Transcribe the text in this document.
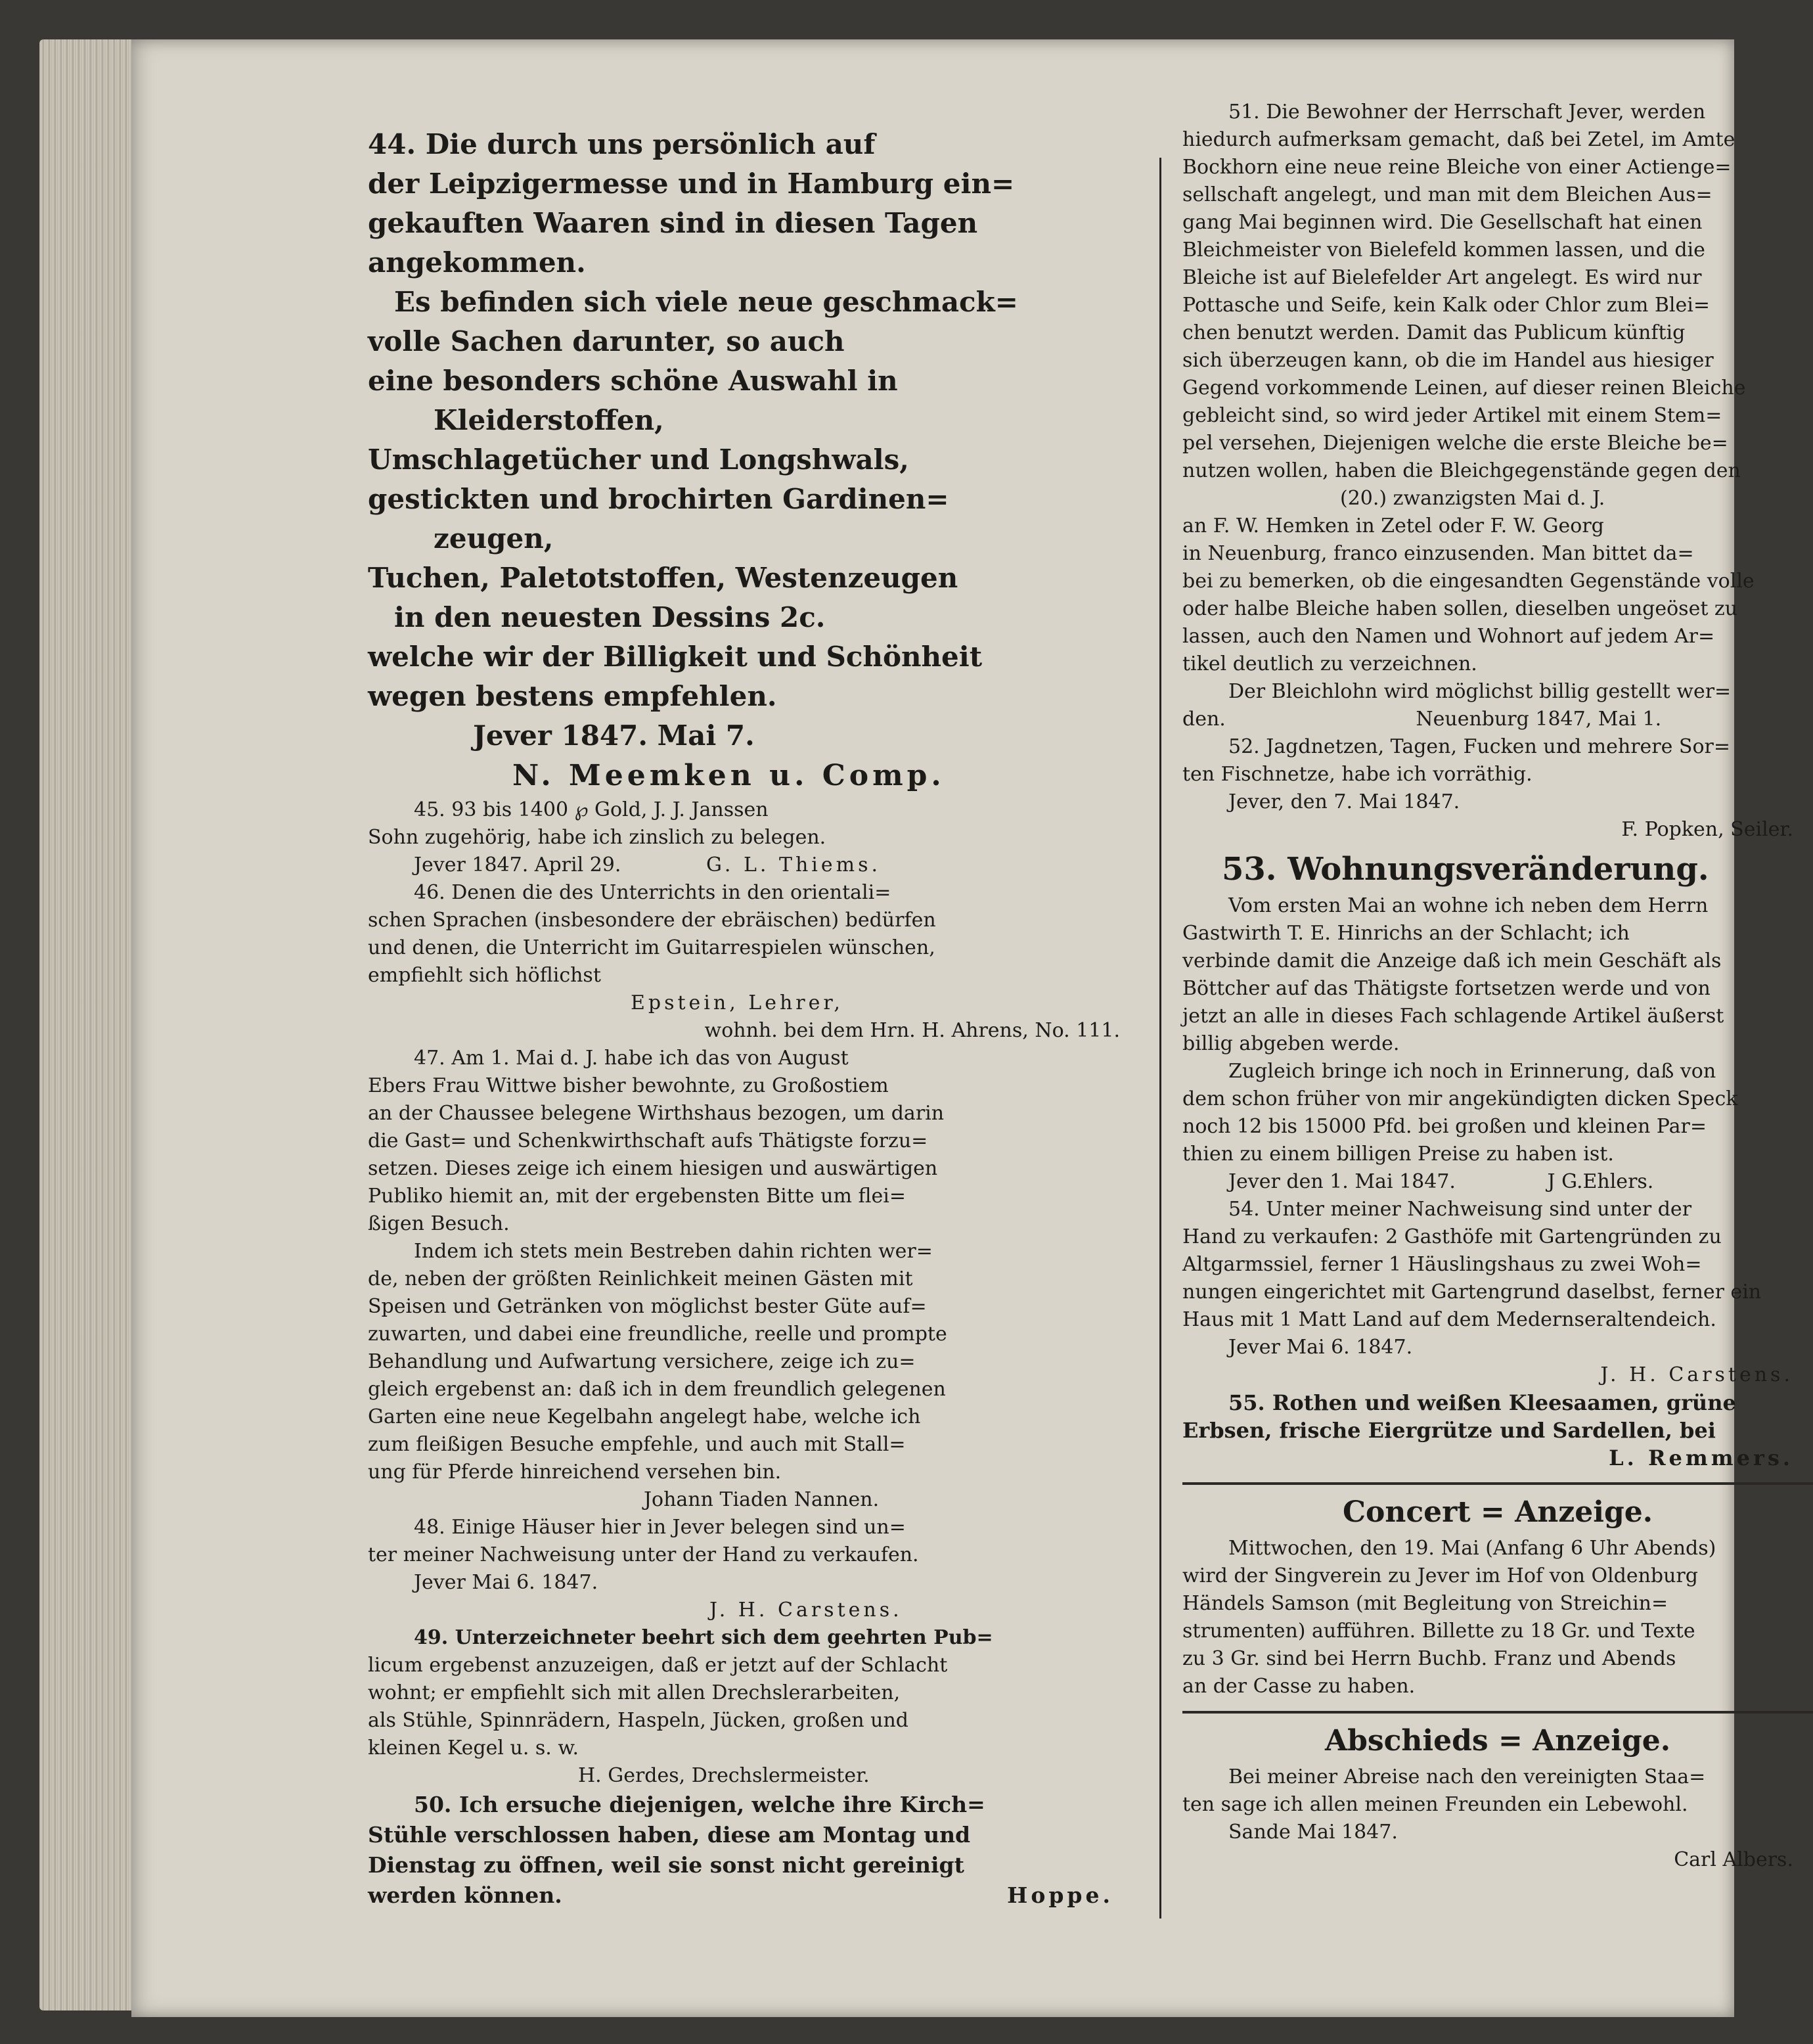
44. Die durch uns persönlich auf

der Leipzigermesse und in Hamburg ein=

gekauften Waaren sind in diesen Tagen

angekommen.

Es befinden sich viele neue geschmack=

volle Sachen darunter, so auch

eine besonders schöne Auswahl in

Kleiderstoffen,

Umschlagetücher und Longshwals,

gestickten und brochirten Gardinen=

zeugen,

Tuchen, Paletotstoffen, Westenzeugen

in den neuesten Dessins 2c.

welche wir der Billigkeit und Schönheit

wegen bestens empfehlen.

Jever 1847. Mai 7.

N. Meemken u. Comp.

45. 93 bis 1400 ℘ Gold, J. J. Janssen

Sohn zugehörig, habe ich zinslich zu belegen.

Jever 1847. April 29.	G. L. Thiems.

46. Denen die des Unterrichts in den orientali=

schen Sprachen (insbesondere der ebräischen) bedürfen

und denen, die Unterricht im Guitarrespielen wünschen,

empfiehlt sich höflichst

Epstein, Lehrer,

wohnh. bei dem Hrn. H. Ahrens, No. 111.

47. Am 1. Mai d. J. habe ich das von August

Ebers Frau Wittwe bisher bewohnte, zu Großostiem

an der Chaussee belegene Wirthshaus bezogen, um darin

die Gast= und Schenkwirthschaft aufs Thätigste forzu=

setzen. Dieses zeige ich einem hiesigen und auswärtigen

Publiko hiemit an, mit der ergebensten Bitte um flei=

ßigen Besuch.

Indem ich stets mein Bestreben dahin richten wer=

de, neben der größten Reinlichkeit meinen Gästen mit

Speisen und Getränken von möglichst bester Güte auf=

zuwarten, und dabei eine freundliche, reelle und prompte

Behandlung und Aufwartung versichere, zeige ich zu=

gleich ergebenst an: daß ich in dem freundlich gelegenen

Garten eine neue Kegelbahn angelegt habe, welche ich

zum fleißigen Besuche empfehle, und auch mit Stall=

ung für Pferde hinreichend versehen bin.

Johann Tiaden Nannen.

48. Einige Häuser hier in Jever belegen sind un=

ter meiner Nachweisung unter der Hand zu verkaufen.

Jever Mai 6. 1847.

J. H. Carstens.

49. Unterzeichneter beehrt sich dem geehrten Pub=

licum ergebenst anzuzeigen, daß er jetzt auf der Schlacht

wohnt; er empfiehlt sich mit allen Drechslerarbeiten,

als Stühle, Spinnrädern, Haspeln, Jücken, großen und

kleinen Kegel u. s. w.

H. Gerdes, Drechslermeister.

50. Ich ersuche diejenigen, welche ihre Kirch=

Stühle verschlossen haben, diese am Montag und

Dienstag zu öffnen, weil sie sonst nicht gereinigt

werden können.	Hoppe.

51. Die Bewohner der Herrschaft Jever, werden

hiedurch aufmerksam gemacht, daß bei Zetel, im Amte

Bockhorn eine neue reine Bleiche von einer Actienge=

sellschaft angelegt, und man mit dem Bleichen Aus=

gang Mai beginnen wird. Die Gesellschaft hat einen

Bleichmeister von Bielefeld kommen lassen, und die

Bleiche ist auf Bielefelder Art angelegt. Es wird nur

Pottasche und Seife, kein Kalk oder Chlor zum Blei=

chen benutzt werden. Damit das Publicum künftig

sich überzeugen kann, ob die im Handel aus hiesiger

Gegend vorkommende Leinen, auf dieser reinen Bleiche

gebleicht sind, so wird jeder Artikel mit einem Stem=

pel versehen, Diejenigen welche die erste Bleiche be=

nutzen wollen, haben die Bleichgegenstände gegen den

(20.) zwanzigsten Mai d. J.

an F. W. Hemken in Zetel oder F. W. Georg

in Neuenburg, franco einzusenden. Man bittet da=

bei zu bemerken, ob die eingesandten Gegenstände volle

oder halbe Bleiche haben sollen, dieselben ungeöset zu

lassen, auch den Namen und Wohnort auf jedem Ar=

tikel deutlich zu verzeichnen.

Der Bleichlohn wird möglichst billig gestellt wer=

den.	Neuenburg 1847, Mai 1.

52. Jagdnetzen, Tagen, Fucken und mehrere Sor=

ten Fischnetze, habe ich vorräthig.

Jever, den 7. Mai 1847.

F. Popken, Seiler.

53. Wohnungsveränderung.

Vom ersten Mai an wohne ich neben dem Herrn

Gastwirth T. E. Hinrichs an der Schlacht; ich

verbinde damit die Anzeige daß ich mein Geschäft als

Böttcher auf das Thätigste fortsetzen werde und von

jetzt an alle in dieses Fach schlagende Artikel äußerst

billig abgeben werde.

Zugleich bringe ich noch in Erinnerung, daß von

dem schon früher von mir angekündigten dicken Speck

noch 12 bis 15000 Pfd. bei großen und kleinen Par=

thien zu einem billigen Preise zu haben ist.

Jever den 1. Mai 1847.	J G.Ehlers.

54. Unter meiner Nachweisung sind unter der

Hand zu verkaufen: 2 Gasthöfe mit Gartengründen zu

Altgarmssiel, ferner 1 Häuslingshaus zu zwei Woh=

nungen eingerichtet mit Gartengrund daselbst, ferner ein

Haus mit 1 Matt Land auf dem Medernseraltendeich.

Jever Mai 6. 1847.

J. H. Carstens.

55. Rothen und weißen Kleesaamen, grüne

Erbsen, frische Eiergrütze und Sardellen, bei

L. Remmers.

Concert = Anzeige.

Mittwochen, den 19. Mai (Anfang 6 Uhr Abends)

wird der Singverein zu Jever im Hof von Oldenburg

Händels Samson (mit Begleitung von Streichin=

strumenten) aufführen. Billette zu 18 Gr. und Texte

zu 3 Gr. sind bei Herrn Buchb. Franz und Abends

an der Casse zu haben.

Abschieds = Anzeige.

Bei meiner Abreise nach den vereinigten Staa=

ten sage ich allen meinen Freunden ein Lebewohl.

Sande Mai 1847.

Carl Albers.
